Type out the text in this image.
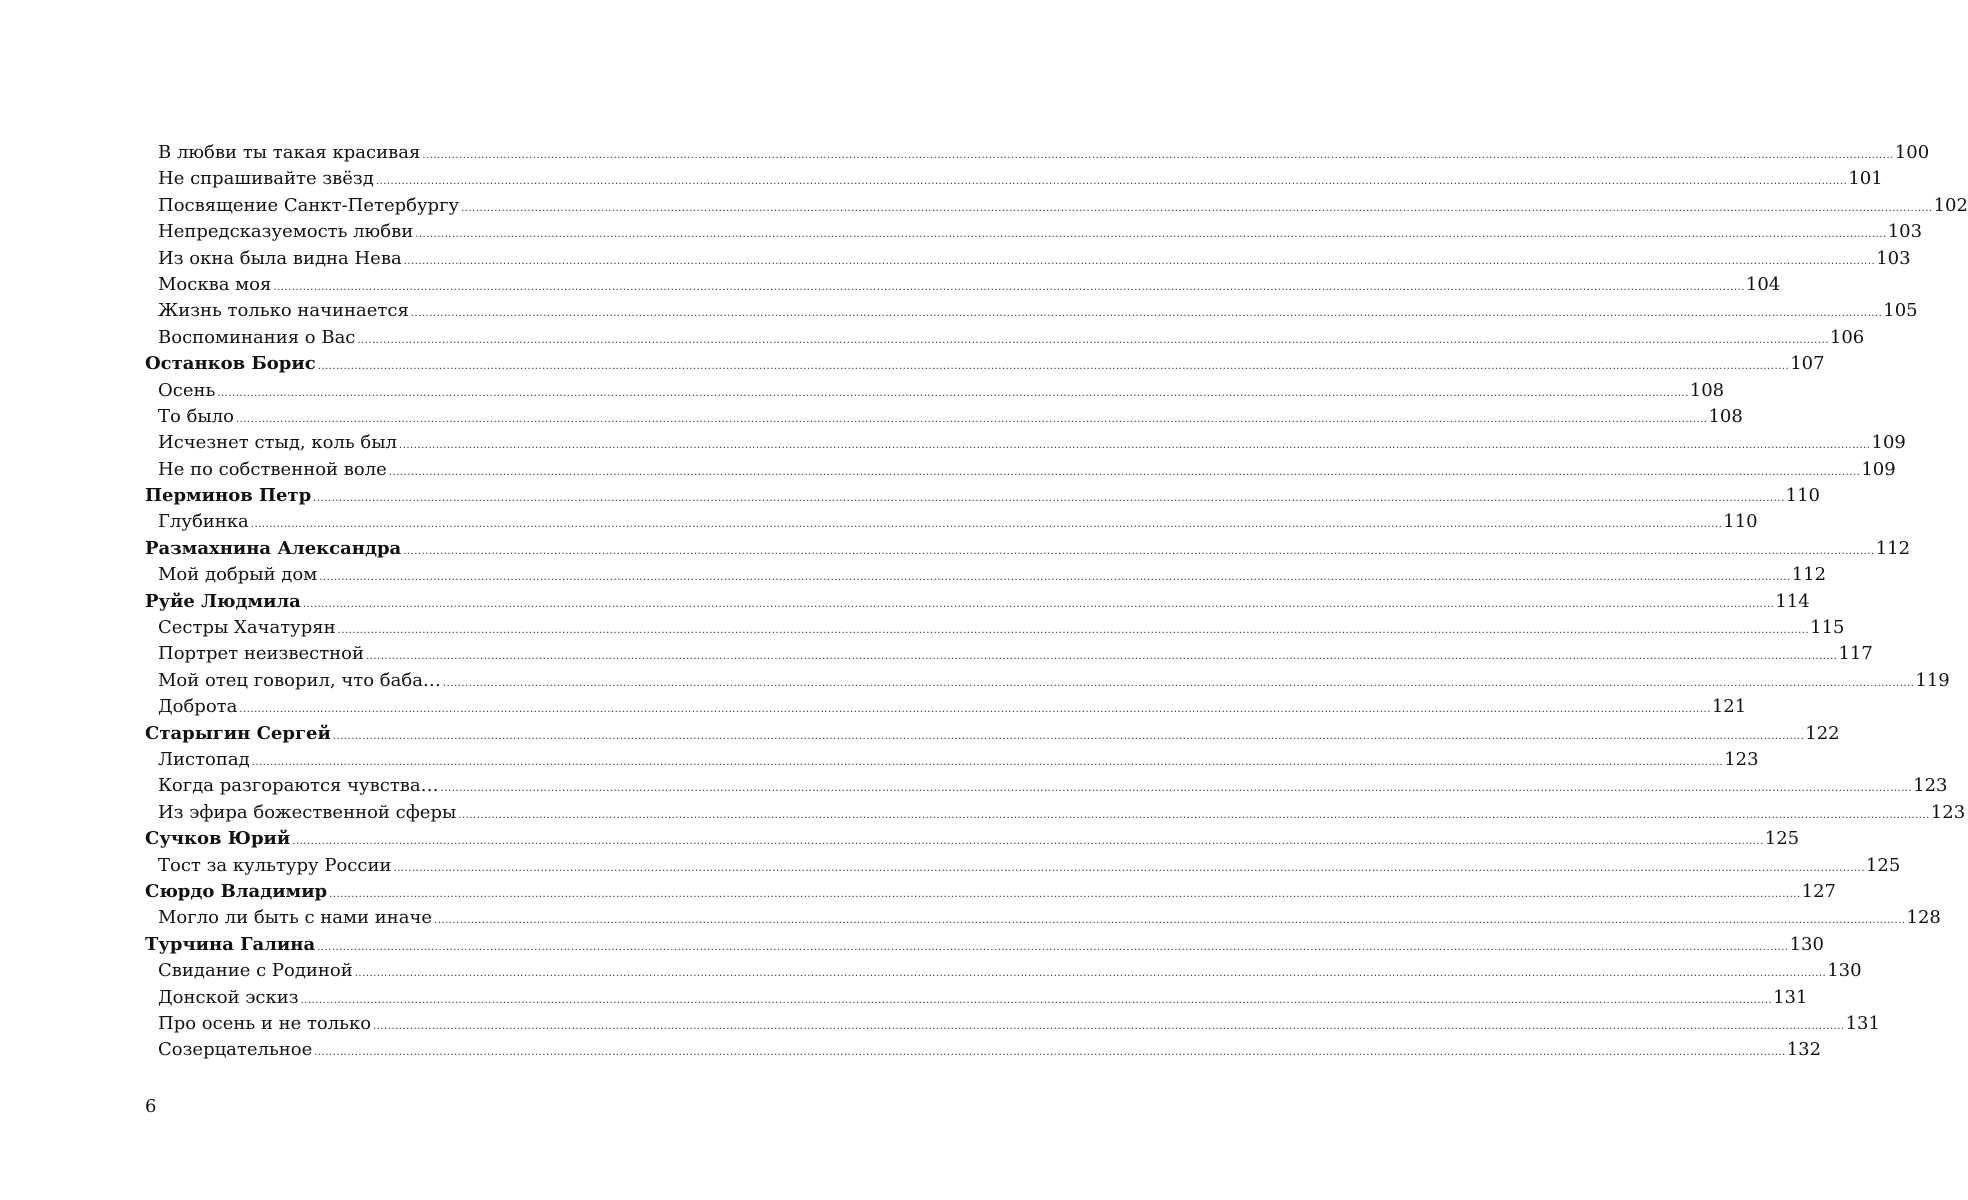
В любви ты такая красивая ................................................................................................................................................................................................................................................................................................................................................................................................................ 100
Не спрашивайте звёзд ................................................................................................................................................................................................................................................................................................................................................................................................................ 101
Посвящение Санкт-Петербургу ................................................................................................................................................................................................................................................................................................................................................................................................................ 102
Непредсказуемость любви ................................................................................................................................................................................................................................................................................................................................................................................................................ 103
Из окна была видна Нева ................................................................................................................................................................................................................................................................................................................................................................................................................ 103
Москва моя ................................................................................................................................................................................................................................................................................................................................................................................................................ 104
Жизнь только начинается ................................................................................................................................................................................................................................................................................................................................................................................................................ 105
Воспоминания о Вас ................................................................................................................................................................................................................................................................................................................................................................................................................ 106
Останков Борис ................................................................................................................................................................................................................................................................................................................................................................................................................ 107
Осень ................................................................................................................................................................................................................................................................................................................................................................................................................ 108
То было ................................................................................................................................................................................................................................................................................................................................................................................................................ 108
Исчезнет стыд, коль был ................................................................................................................................................................................................................................................................................................................................................................................................................ 109
Не по собственной воле ................................................................................................................................................................................................................................................................................................................................................................................................................ 109
Перминов Петр ................................................................................................................................................................................................................................................................................................................................................................................................................ 110
Глубинка ................................................................................................................................................................................................................................................................................................................................................................................................................ 110
Размахнина Александра ................................................................................................................................................................................................................................................................................................................................................................................................................ 112
Мой добрый дом ................................................................................................................................................................................................................................................................................................................................................................................................................ 112
Руйе Людмила ................................................................................................................................................................................................................................................................................................................................................................................................................ 114
Сестры Хачатурян ................................................................................................................................................................................................................................................................................................................................................................................................................ 115
Портрет неизвестной ................................................................................................................................................................................................................................................................................................................................................................................................................ 117
Мой отец говорил, что баба… ................................................................................................................................................................................................................................................................................................................................................................................................................ 119
Доброта ................................................................................................................................................................................................................................................................................................................................................................................................................ 121
Старыгин Сергей ................................................................................................................................................................................................................................................................................................................................................................................................................ 122
Листопад ................................................................................................................................................................................................................................................................................................................................................................................................................ 123
Когда разгораются чувства… ................................................................................................................................................................................................................................................................................................................................................................................................................ 123
Из эфира божественной сферы ................................................................................................................................................................................................................................................................................................................................................................................................................ 123
Сучков Юрий ................................................................................................................................................................................................................................................................................................................................................................................................................ 125
Тост за культуру России ................................................................................................................................................................................................................................................................................................................................................................................................................ 125
Сюрдо Владимир ................................................................................................................................................................................................................................................................................................................................................................................................................ 127
Могло ли быть с нами иначе ................................................................................................................................................................................................................................................................................................................................................................................................................ 128
Турчина Галина ................................................................................................................................................................................................................................................................................................................................................................................................................ 130
Свидание с Родиной ................................................................................................................................................................................................................................................................................................................................................................................................................ 130
Донской эскиз ................................................................................................................................................................................................................................................................................................................................................................................................................ 131
Про осень и не только ................................................................................................................................................................................................................................................................................................................................................................................................................ 131
Созерцательное ................................................................................................................................................................................................................................................................................................................................................................................................................ 132
6
